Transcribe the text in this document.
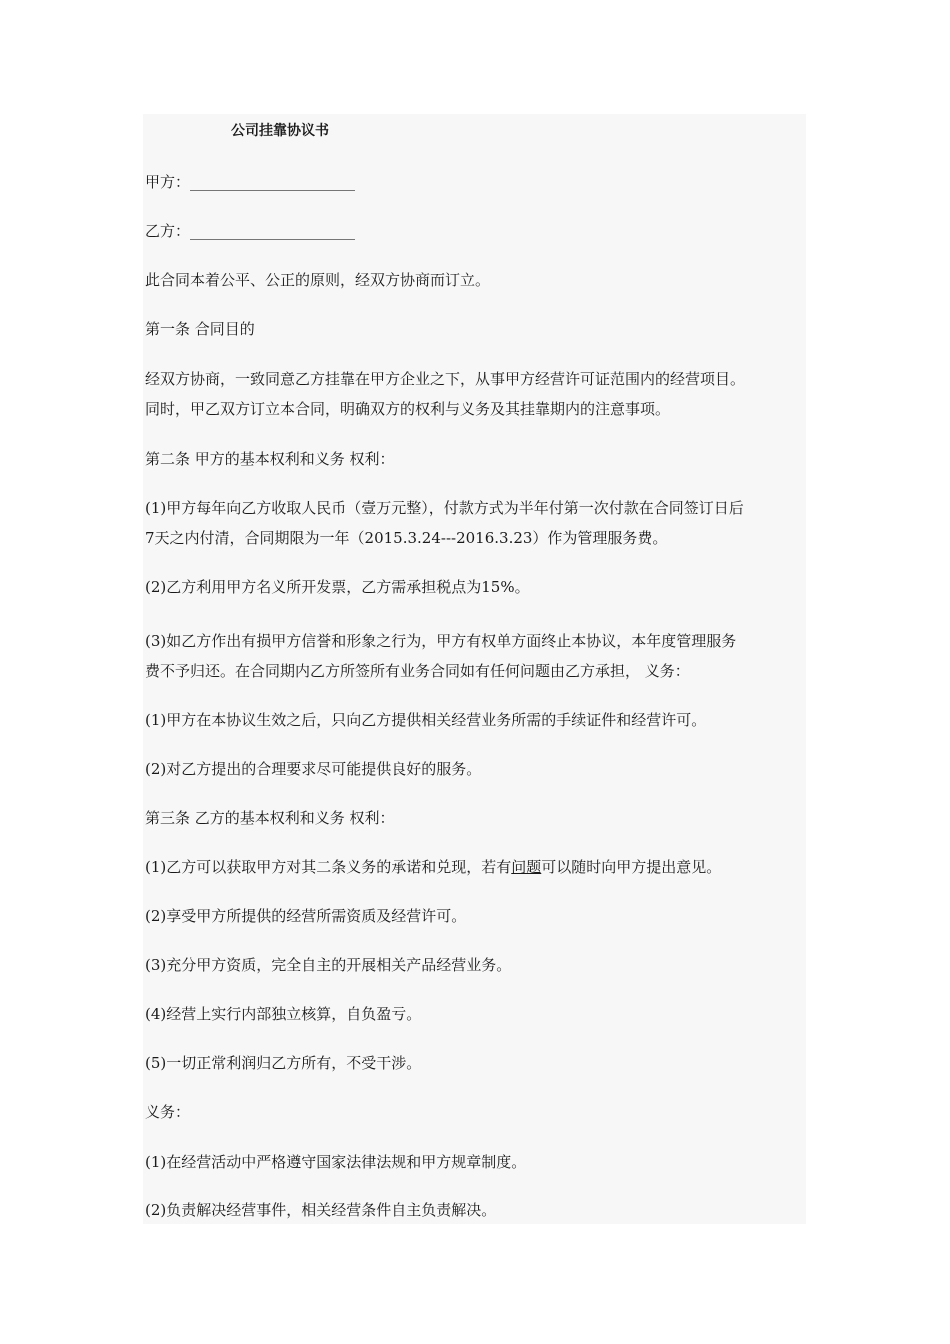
公司挂靠协议书
甲方：______________________
乙方：______________________
此合同本着公平、公正的原则，经双方协商而订立。
第一条 合同目的
经双方协商，一致同意乙方挂靠在甲方企业之下，从事甲方经营许可证范围内的经营项目。
同时，甲乙双方订立本合同，明确双方的权利与义务及其挂靠期内的注意事项。
第二条 甲方的基本权利和义务 权利：
(1)甲方每年向乙方收取人民币（壹万元整），付款方式为半年付第一次付款在合同签订日后
7天之内付清，合同期限为一年（2015.3.24---2016.3.23）作为管理服务费。
(2)乙方利用甲方名义所开发票，乙方需承担税点为15%。
(3)如乙方作出有损甲方信誉和形象之行为，甲方有权单方面终止本协议，本年度管理服务
费不予归还。在合同期内乙方所签所有业务合同如有任何问题由乙方承担， 义务：
(1)甲方在本协议生效之后，只向乙方提供相关经营业务所需的手续证件和经营许可。
(2)对乙方提出的合理要求尽可能提供良好的服务。
第三条 乙方的基本权利和义务 权利：
(1)乙方可以获取甲方对其二条义务的承诺和兑现，若有问题可以随时向甲方提出意见。
(2)享受甲方所提供的经营所需资质及经营许可。
(3)充分甲方资质，完全自主的开展相关产品经营业务。
(4)经营上实行内部独立核算，自负盈亏。
(5)一切正常利润归乙方所有，不受干涉。
义务：
(1)在经营活动中严格遵守国家法律法规和甲方规章制度。
(2)负责解决经营事件，相关经营条件自主负责解决。
